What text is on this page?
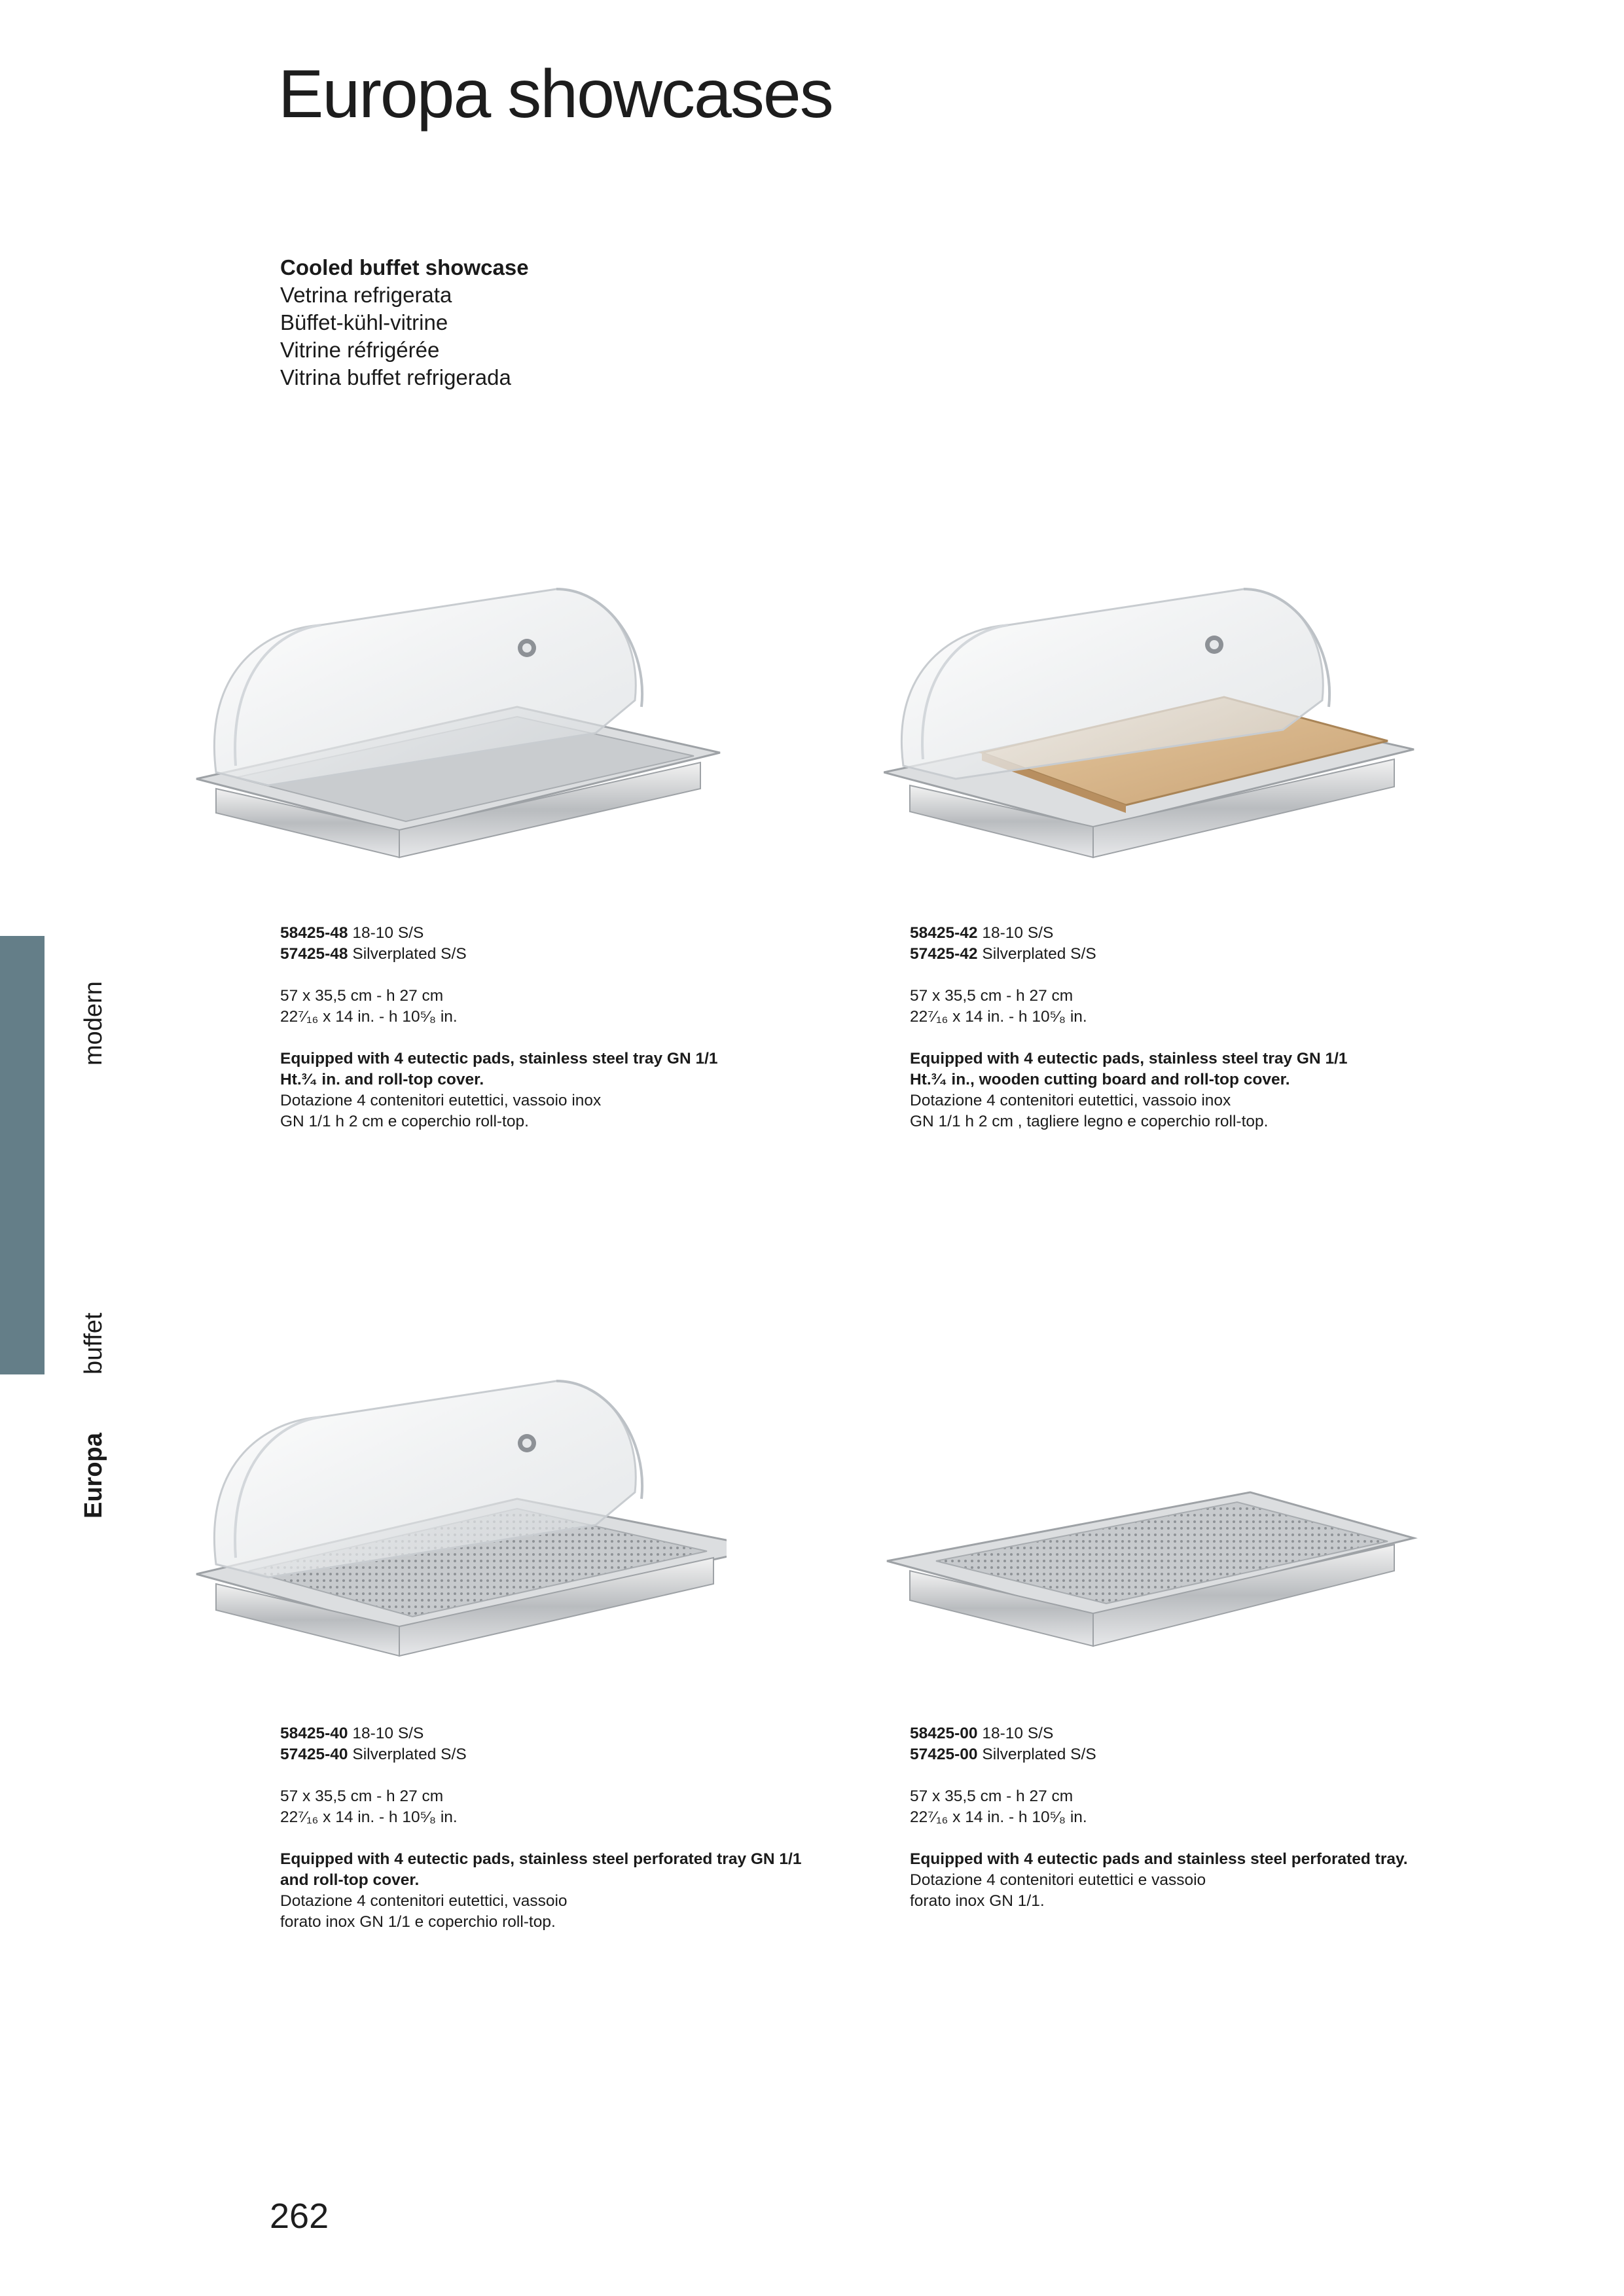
Europa showcases
Cooled buffet showcase
Vetrina refrigerata
Büffet-kühl-vitrine
Vitrine réfrigérée
Vitrina buffet refrigerada
modern
buffet
Europa
58425-48 18-10 S/S
57425-48 Silverplated S/S
57 x 35,5 cm - h 27 cm
22⁷⁄₁₆ x 14 in. - h 10⁵⁄₈ in.
Equipped with 4 eutectic pads, stainless steel tray GN 1/1
Ht.³⁄₄ in. and roll-top cover.
Dotazione 4 contenitori eutettici, vassoio inox
GN 1/1 h 2 cm e coperchio roll-top.
58425-42 18-10 S/S
57425-42 Silverplated S/S
57 x 35,5 cm - h 27 cm
22⁷⁄₁₆ x 14 in. - h 10⁵⁄₈ in.
Equipped with 4 eutectic pads, stainless steel tray GN 1/1
Ht.³⁄₄ in., wooden cutting board and roll-top cover.
Dotazione 4 contenitori eutettici, vassoio inox
GN 1/1 h 2 cm , tagliere legno e coperchio roll-top.
58425-40 18-10 S/S
57425-40 Silverplated S/S
57 x 35,5 cm - h 27 cm
22⁷⁄₁₆ x 14 in. - h 10⁵⁄₈ in.
Equipped with 4 eutectic pads, stainless steel perforated tray GN 1/1
and roll-top cover.
Dotazione 4 contenitori eutettici, vassoio
forato inox GN 1/1 e coperchio roll-top.
58425-00 18-10 S/S
57425-00 Silverplated S/S
57 x 35,5 cm - h 27 cm
22⁷⁄₁₆ x 14 in. - h 10⁵⁄₈ in.
Equipped with 4 eutectic pads and stainless steel perforated tray.
Dotazione 4 contenitori eutettici e vassoio
forato inox GN 1/1.
262
